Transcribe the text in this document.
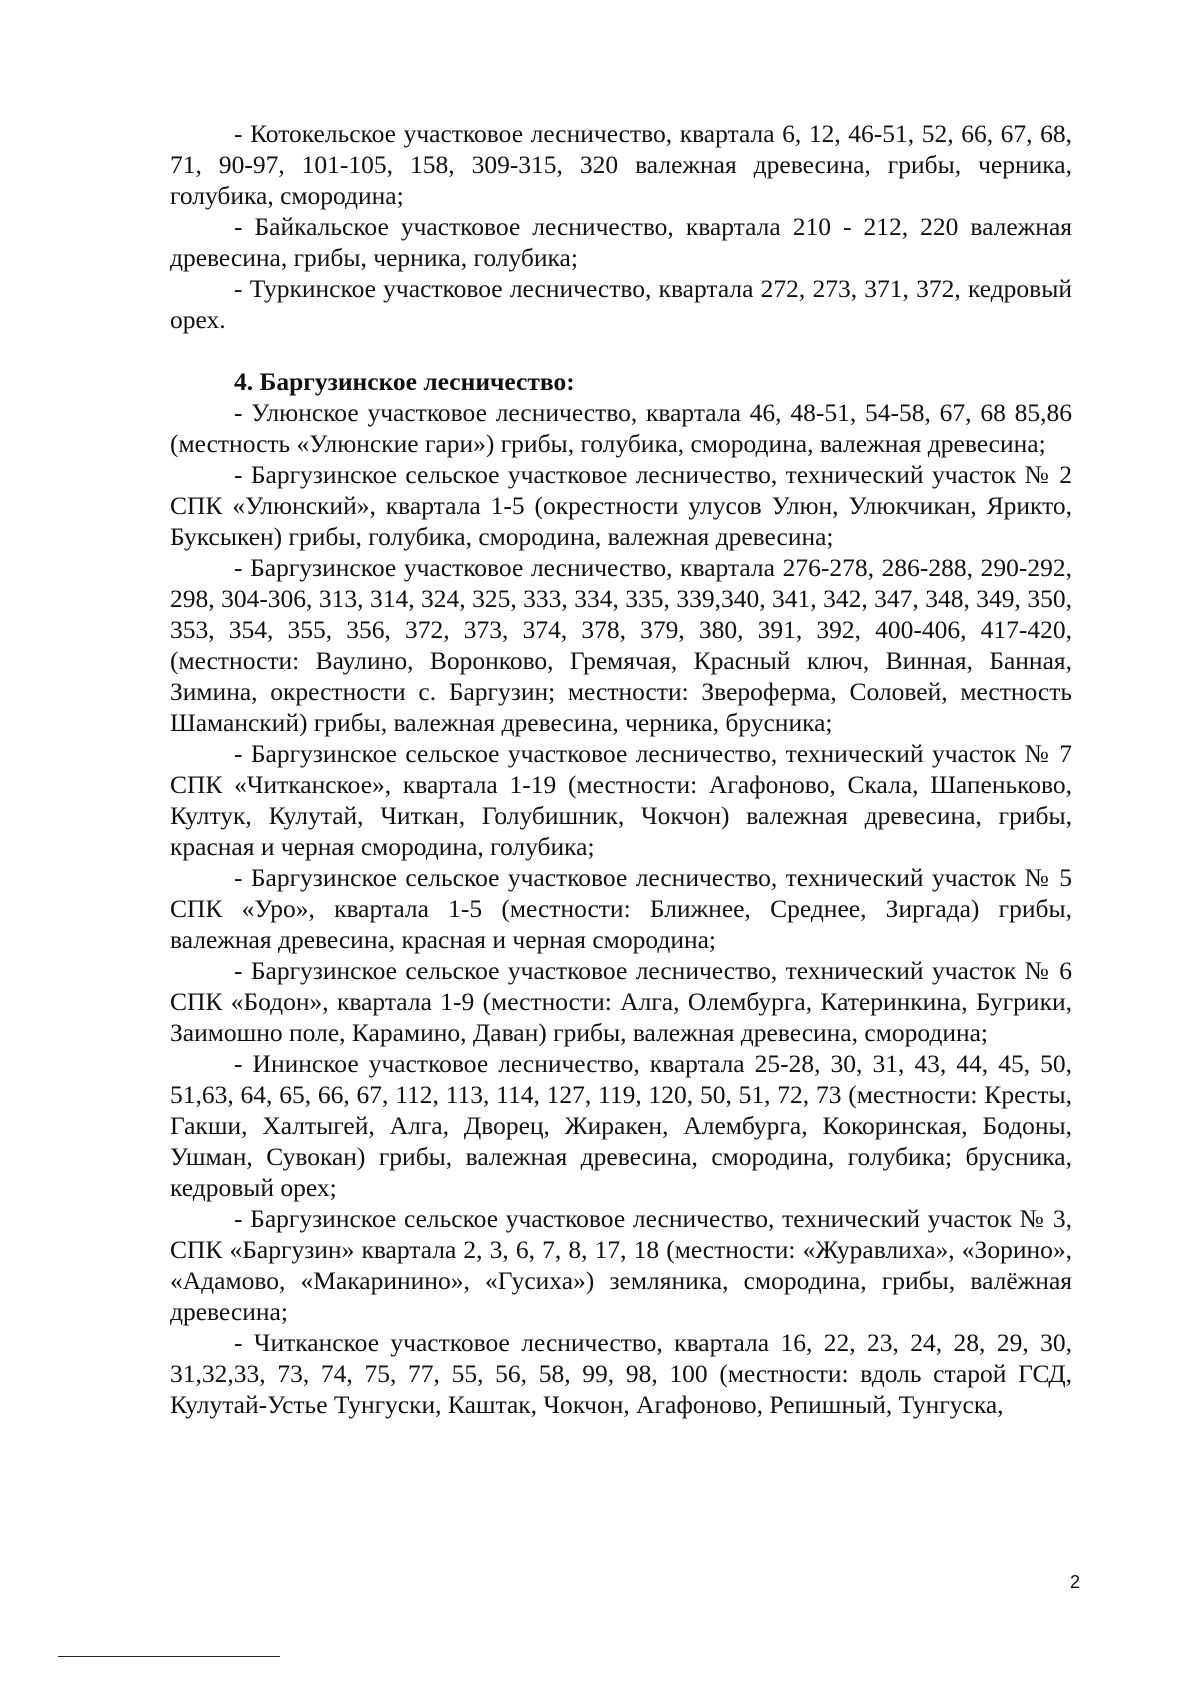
- Котокельское участковое лесничество, квартала 6, 12, 46-51, 52, 66, 67, 68, 71, 90-97, 101-105, 158, 309-315, 320 валежная древесина, грибы, черника, голубика, смородина;

- Байкальское участковое лесничество, квартала 210 - 212, 220 валежная древесина, грибы, черника, голубика;

- Туркинское участковое лесничество, квартала 272, 273, 371, 372, кедровый орех.

4. Баргузинское лесничество:

- Улюнское участковое лесничество, квартала 46, 48-51, 54-58, 67, 68 85,86 (местность «Улюнские гари») грибы, голубика, смородина, валежная древесина;

- Баргузинское сельское участковое лесничество, технический участок № 2 СПК «Улюнский», квартала 1-5 (окрестности улусов Улюн, Улюкчикан, Ярикто, Буксыкен) грибы, голубика, смородина, валежная древесина;

- Баргузинское участковое лесничество, квартала 276-278, 286-288, 290-292, 298, 304-306, 313, 314, 324, 325, 333, 334, 335, 339,340, 341, 342, 347, 348, 349, 350, 353, 354, 355, 356, 372, 373, 374, 378, 379, 380, 391, 392, 400-406, 417-420, (местности: Ваулино, Воронково, Гремячая, Красный ключ, Винная, Банная, Зимина, окрестности с. Баргузин; местности: Звероферма, Соловей, местность Шаманский) грибы, валежная древесина, черника, брусника;

- Баргузинское сельское участковое лесничество, технический участок № 7 СПК «Читканское», квартала 1-19 (местности: Агафоново, Скала, Шапеньково, Култук, Кулутай, Читкан, Голубишник, Чокчон) валежная древесина, грибы, красная и черная смородина, голубика;

- Баргузинское сельское участковое лесничество, технический участок № 5 СПК «Уро», квартала 1-5 (местности: Ближнее, Среднее, Зиргада) грибы, валежная древесина, красная и черная смородина;

- Баргузинское сельское участковое лесничество, технический участок № 6 СПК «Бодон», квартала 1-9 (местности: Алга, Олембурга, Катеринкина, Бугрики, Заимошно поле, Карамино, Даван) грибы, валежная древесина, смородина;

- Ининское участковое лесничество, квартала 25-28, 30, 31, 43, 44, 45, 50, 51,63, 64, 65, 66, 67, 112, 113, 114, 127, 119, 120, 50, 51, 72, 73 (местности: Кресты, Гакши, Халтыгей, Алга, Дворец, Жиракен, Алембурга, Кокоринская, Бодоны, Ушман, Сувокан) грибы, валежная древесина, смородина, голубика; брусника, кедровый орех;

- Баргузинское сельское участковое лесничество, технический участок № 3, СПК «Баргузин» квартала 2, 3, 6, 7, 8, 17, 18 (местности: «Журавлиха», «Зорино», «Адамово, «Макаринино», «Гусиха») земляника, смородина, грибы, валёжная древесина;

- Читканское участковое лесничество, квартала 16, 22, 23, 24, 28, 29, 30, 31,32,33, 73, 74, 75, 77, 55, 56, 58, 99, 98, 100 (местности: вдоль старой ГСД, Кулутай-Устье Тунгуски, Каштак, Чокчон, Агафоново, Репишный, Тунгуска,

2
